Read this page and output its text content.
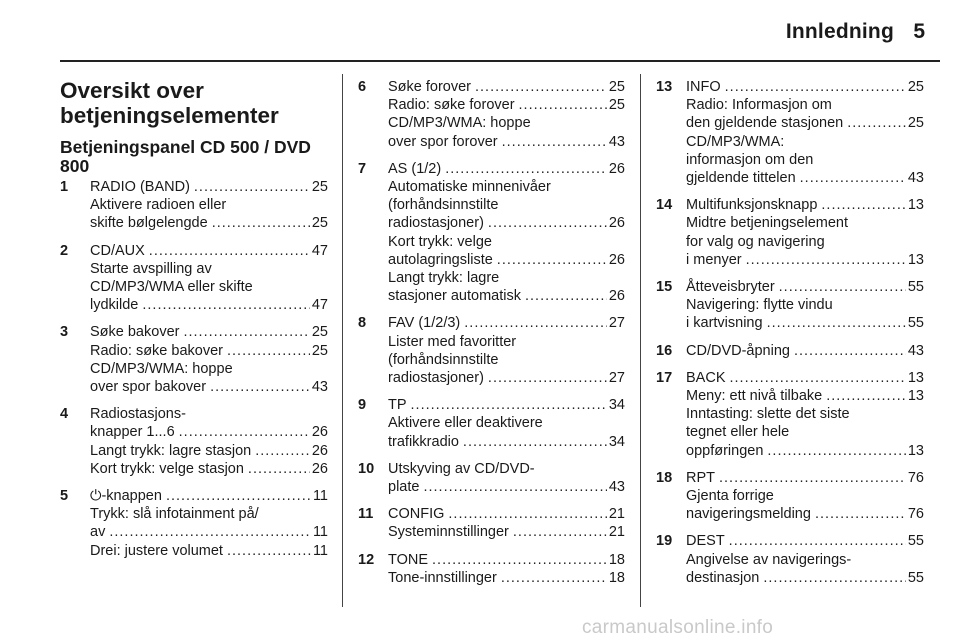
Innledning 5
Oversikt over betjeningselementer
Betjeningspanel CD 500 / DVD 800
1	RADIO (BAND) .....	25
Aktivere radioen eller
skifte bølgelengde .....	25
2	CD/AUX .....	47
Starte avspilling av
CD/MP3/WMA eller skifte
lydkilde .....	47
3	Søke bakover .....	25
Radio: søke bakover .....	25
CD/MP3/WMA: hoppe
over spor bakover .....	43
4	Radiostasjons-
knapper 1...6 .....	26
Langt trykk: lagre stasjon .....	26
Kort trykk: velge stasjon .....	26
5	⏻-knappen .....	11
Trykk: slå infotainment på/
av .....	11
Drei: justere volumet .....	11
6	Søke forover .....	25
Radio: søke forover .....	25
CD/MP3/WMA: hoppe
over spor forover .....	43
7	AS (1/2) .....	26
Automatiske minnenivåer
(forhåndsinnstilte
radiostasjoner) .....	26
Kort trykk: velge
autolagringsliste .....	26
Langt trykk: lagre
stasjoner automatisk .....	26
8	FAV (1/2/3) .....	27
Lister med favoritter
(forhåndsinnstilte
radiostasjoner) .....	27
9	TP .....	34
Aktivere eller deaktivere
trafikkradio .....	34
10 Utskyving av CD/DVD-
plate .....	43
11	CONFIG .....	21
Systeminnstillinger .....	21
12 TONE .....	18
Tone-innstillinger .....	18
13 INFO .....	25
Radio: Informasjon om
den gjeldende stasjonen .....	25
CD/MP3/WMA:
informasjon om den
gjeldende tittelen .....	43
14 Multifunksjonsknapp .....	13
Midtre betjeningselement
for valg og navigering
i menyer .....	13
15 Åtteveisbryter .....	55
Navigering: flytte vindu
i kartvisning .....	55
16 CD/DVD-åpning .....	43
17 BACK .....	13
Meny: ett nivå tilbake .....	13
Inntasting: slette det siste
tegnet eller hele
oppføringen .....	13
18 RPT .....	76
Gjenta forrige
navigeringsmelding .....	76
19 DEST .....	55
Angivelse av navigerings-
destinasjon .....	55
carmanualsonline.info
